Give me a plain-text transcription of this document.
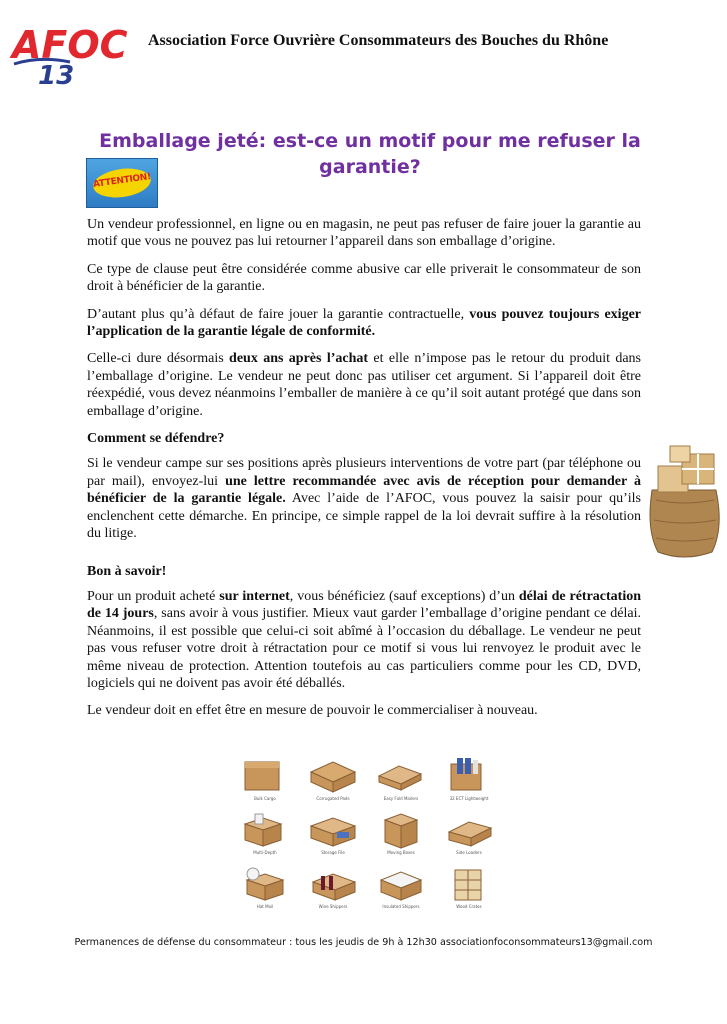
AFOC
13
Association Force Ouvrière Consommateurs des Bouches du Rhône
Emballage jeté: est-ce un motif pour me refuser la garantie?
ATTENTION!

Un vendeur professionnel, en ligne ou en magasin, ne peut pas refuser de faire jouer la garantie au motif que vous ne pouvez pas lui retourner l’appareil dans son emballage d’origine.

Ce type de clause peut être considérée comme abusive car elle priverait le consommateur de son droit à bénéficier de la garantie.

D’autant plus qu’à défaut de faire jouer la garantie contractuelle, vous pouvez toujours exiger l’application de la garantie légale de conformité.

Celle-ci dure désormais deux ans après l’achat et elle n’impose pas le retour du produit dans l’emballage d’origine. Le vendeur ne peut donc pas utiliser cet argument. Si l’appareil doit être réexpédié, vous devez néanmoins l’emballer de manière à ce qu’il soit autant protégé que dans son emballage d’origine.

Comment se défendre?

Si le vendeur campe sur ses positions après plusieurs interventions de votre part (par téléphone ou par mail), envoyez-lui une lettre recommandée avec avis de réception pour demander à bénéficier de la garantie légale. Avec l’aide de l’AFOC, vous pouvez la saisir pour qu’ils enclenchent cette démarche. En principe, ce simple rappel de la loi devrait suffire à la résolution du litige.

Bon à savoir!

Pour un produit acheté sur internet, vous bénéficiez (sauf exceptions) d’un délai de rétractation de 14 jours, sans avoir à vous justifier. Mieux vaut garder l’emballage d’origine pendant ce délai. Néanmoins, il est possible que celui-ci soit abîmé à l’occasion du déballage. Le vendeur ne peut pas vous refuser votre droit à rétractation pour ce motif si vous lui renvoyez le produit avec le même niveau de protection. Attention toutefois au cas particuliers comme pour les CD, DVD, logiciels qui ne doivent pas avoir été déballés.

Le vendeur doit en effet être en mesure de pouvoir le commercialiser à nouveau.

Bulk Cargo	Corrugated Pads	Easy Fold Mailers	32 ECT Lightweight
Multi-Depth	Storage File	Moving Boxes	Side Loaders
Hat Mail	Wine Shippers	Insulated Shippers	Wood Crates
Permanences de défense du consommateur : tous les jeudis de 9h à 12h30 associationfoconsommateurs13@gmail.com
